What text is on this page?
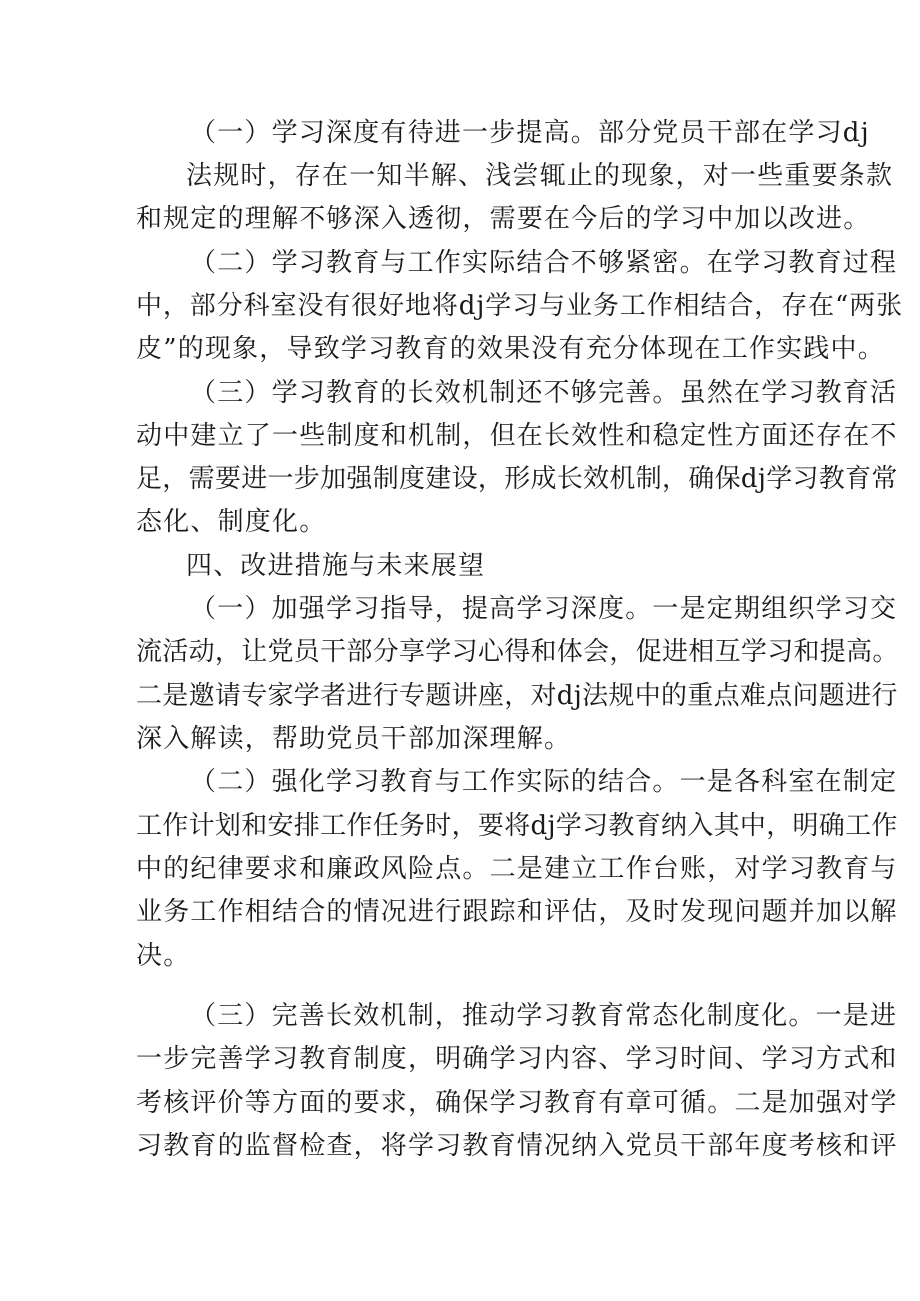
（一）学习深度有待进一步提高。部分党员干部在学习dj
法规时，存在一知半解、浅尝辄止的现象，对一些重要条款
和规定的理解不够深入透彻，需要在今后的学习中加以改进。
（二）学习教育与工作实际结合不够紧密。在学习教育过程
中，部分科室没有很好地将dj学习与业务工作相结合，存在“两张
皮”的现象，导致学习教育的效果没有充分体现在工作实践中。
（三）学习教育的长效机制还不够完善。虽然在学习教育活
动中建立了一些制度和机制，但在长效性和稳定性方面还存在不
足，需要进一步加强制度建设，形成长效机制，确保dj学习教育常
态化、制度化。
四、改进措施与未来展望
（一）加强学习指导，提高学习深度。一是定期组织学习交
流活动，让党员干部分享学习心得和体会，促进相互学习和提高。
二是邀请专家学者进行专题讲座，对dj法规中的重点难点问题进行
深入解读，帮助党员干部加深理解。
（二）强化学习教育与工作实际的结合。一是各科室在制定
工作计划和安排工作任务时，要将dj学习教育纳入其中，明确工作
中的纪律要求和廉政风险点。二是建立工作台账，对学习教育与
业务工作相结合的情况进行跟踪和评估，及时发现问题并加以解
决。
（三）完善长效机制，推动学习教育常态化制度化。一是进
一步完善学习教育制度，明确学习内容、学习时间、学习方式和
考核评价等方面的要求，确保学习教育有章可循。二是加强对学
习教育的监督检查，将学习教育情况纳入党员干部年度考核和评
